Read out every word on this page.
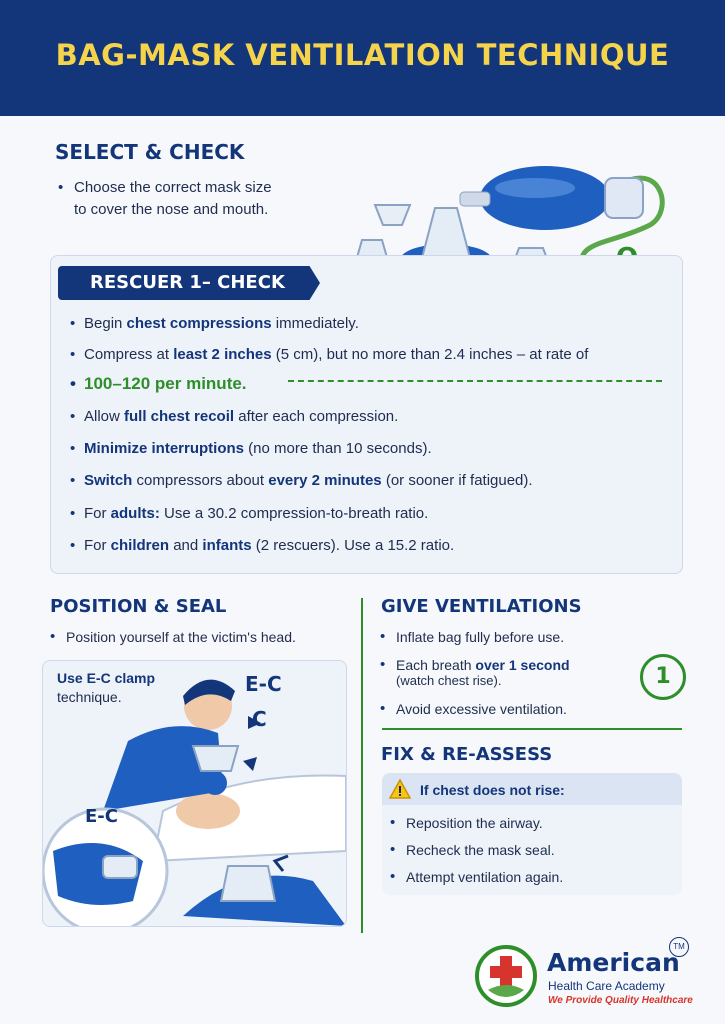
BAG-MASK VENTILATION TECHNIQUE
SELECT & CHECK
• Choose the correct mask size
to cover the nose and mouth.
RESCUER 1– CHECK
• Begin chest compressions immediately.
• Compress at least 2 inches (5 cm), but no more than 2.4 inches – at rate of
• 100–120 per minute.
• Allow full chest recoil after each compression.
• Minimize interruptions (no more than 10 seconds).
• Switch compressors about every 2 minutes (or sooner if fatigued).
• For adults: Use a 30.2 compression-to-breath ratio.
• For children and infants (2 rescuers). Use a 15.2 ratio.
POSITION & SEAL
• Position yourself at the victim's head.
Use E-C clamp
technique.
E-C
C
E-C
GIVE VENTILATIONS
• Inflate bag fully before use.
• Each breath over 1 second
(watch chest rise).
• Avoid excessive ventilation.
1
FIX & RE-ASSESS
If chest does not rise:
• Reposition the airway.
• Recheck the mask seal.
• Attempt ventilation again.
American
Health Care Academy
We Provide Quality Healthcare
TM
